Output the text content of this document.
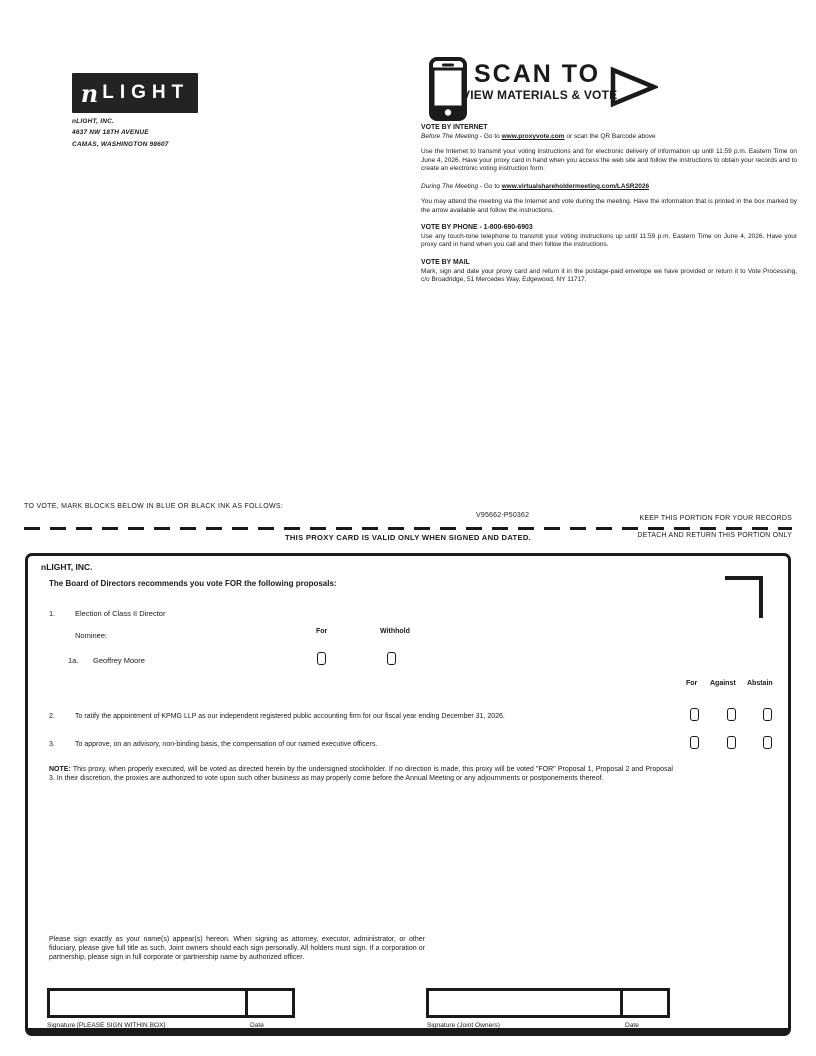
n LIGHT
nLIGHT, INC.
4637 NW 18TH AVENUE
CAMAS, WASHINGTON 98607
SCAN TO
VIEW MATERIALS & VOTE
VOTE BY INTERNET
Before The Meeting - Go to www.proxyvote.com or scan the QR Barcode above
Use the Internet to transmit your voting instructions and for electronic delivery of information up until 11:59 p.m. Eastern Time on June 4, 2026. Have your proxy card in hand when you access the web site and follow the instructions to obtain your records and to create an electronic voting instruction form.
During The Meeting - Go to www.virtualshareholdermeeting.com/LASR2026
You may attend the meeting via the Internet and vote during the meeting. Have the information that is printed in the box marked by the arrow available and follow the instructions.
VOTE BY PHONE - 1-800-690-6903
Use any touch-tone telephone to transmit your voting instructions up until 11:59 p.m. Eastern Time on June 4, 2026. Have your proxy card in hand when you call and then follow the instructions.
VOTE BY MAIL
Mark, sign and date your proxy card and return it in the postage-paid envelope we have provided or return it to Vote Processing, c/o Broadridge, 51 Mercedes Way, Edgewood, NY 11717.
TO VOTE, MARK BLOCKS BELOW IN BLUE OR BLACK INK AS FOLLOWS:
V95662-P50362	KEEP THIS PORTION FOR YOUR RECORDS
THIS PROXY CARD IS VALID ONLY WHEN SIGNED AND DATED.	DETACH AND RETURN THIS PORTION ONLY
nLIGHT, INC.
The Board of Directors recommends you vote FOR the following proposals:
1.	Election of Class II Director
Nominee:	For	Withhold
1a. Geoffrey Moore
For Against Abstain
2.	To ratify the appointment of KPMG LLP as our independent registered public accounting firm for our fiscal year ending December 31, 2026.
3.	To approve, on an advisory, non-binding basis, the compensation of our named executive officers.
NOTE: This proxy, when properly executed, will be voted as directed herein by the undersigned stockholder. If no direction is made, this proxy will be voted "FOR" Proposal 1, Proposal 2 and Proposal 3. In their discretion, the proxies are authorized to vote upon such other business as may properly come before the Annual Meeting or any adjournments or postponements thereof.
Please sign exactly as your name(s) appear(s) hereon. When signing as attorney, executor, administrator, or other fiduciary, please give full title as such. Joint owners should each sign personally. All holders must sign. If a corporation or partnership, please sign in full corporate or partnership name by authorized officer.
Signature [PLEASE SIGN WITHIN BOX]	Date	Signature (Joint Owners)	Date
